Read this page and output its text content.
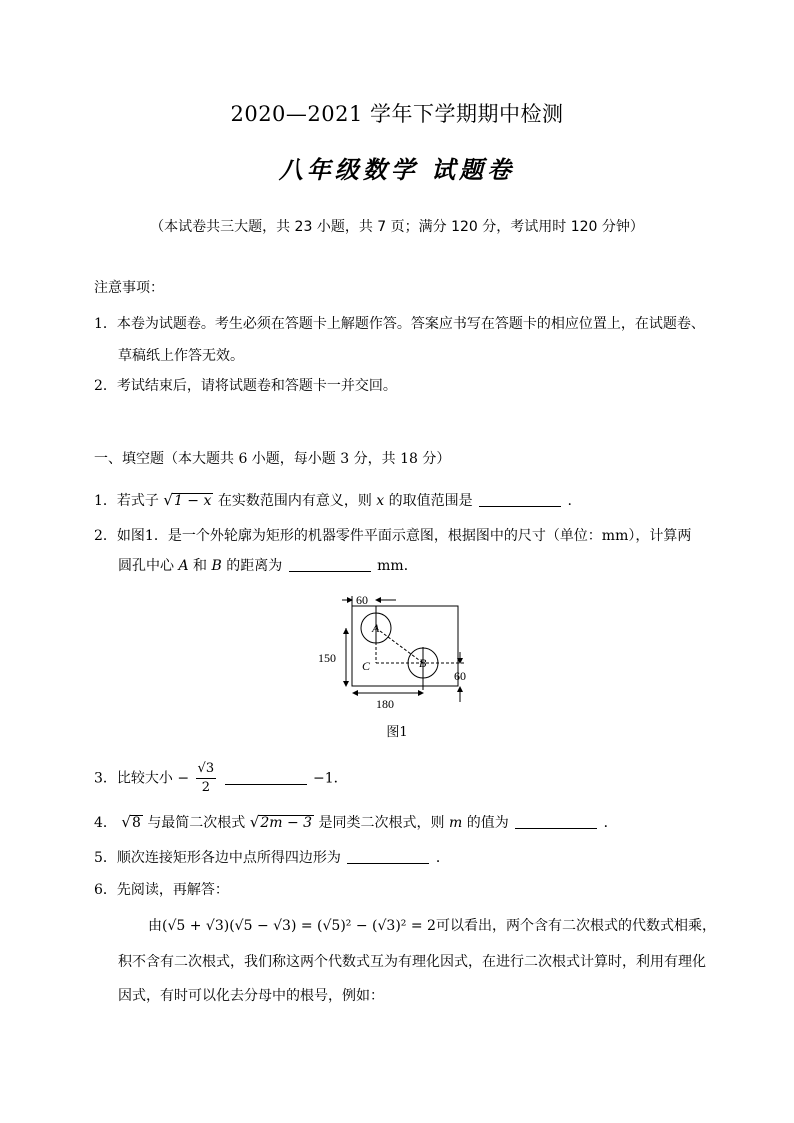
2020—2021 学年下学期期中检测
八年级数学 试题卷
（本试卷共三大题，共 23 小题，共 7 页；满分 120 分，考试用时 120 分钟）
注意事项：
1．本卷为试题卷。考生必须在答题卡上解题作答。答案应书写在答题卡的相应位置上，在试题卷、
草稿纸上作答无效。
2．考试结束后，请将试题卷和答题卡一并交回。
一、填空题（本大题共 6 小题，每小题 3 分，共 18 分）
1．若式子 √1 − x 在实数范围内有意义，则 x 的取值范围是	.
2．如图1．是一个外轮廓为矩形的机器零件平面示意图，根据图中的尺寸（单位：mm），计算两
圆孔中心 A 和 B 的距离为	mm．
60
150
60
180
A
B
C
图1
3．比较大小 − $\frac{√3}{2}$	−1．
4． √8 与最简二次根式 √2m − 3 是同类二次根式，则 m 的值为	．
5．顺次连接矩形各边中点所得四边形为	．
6．先阅读，再解答：
由(√5 + √3)(√5 − √3) = (√5)² − (√3)² = 2可以看出，两个含有二次根式的代数式相乘，
积不含有二次根式，我们称这两个代数式互为有理化因式，在进行二次根式计算时，利用有理化
因式，有时可以化去分母中的根号，例如：
